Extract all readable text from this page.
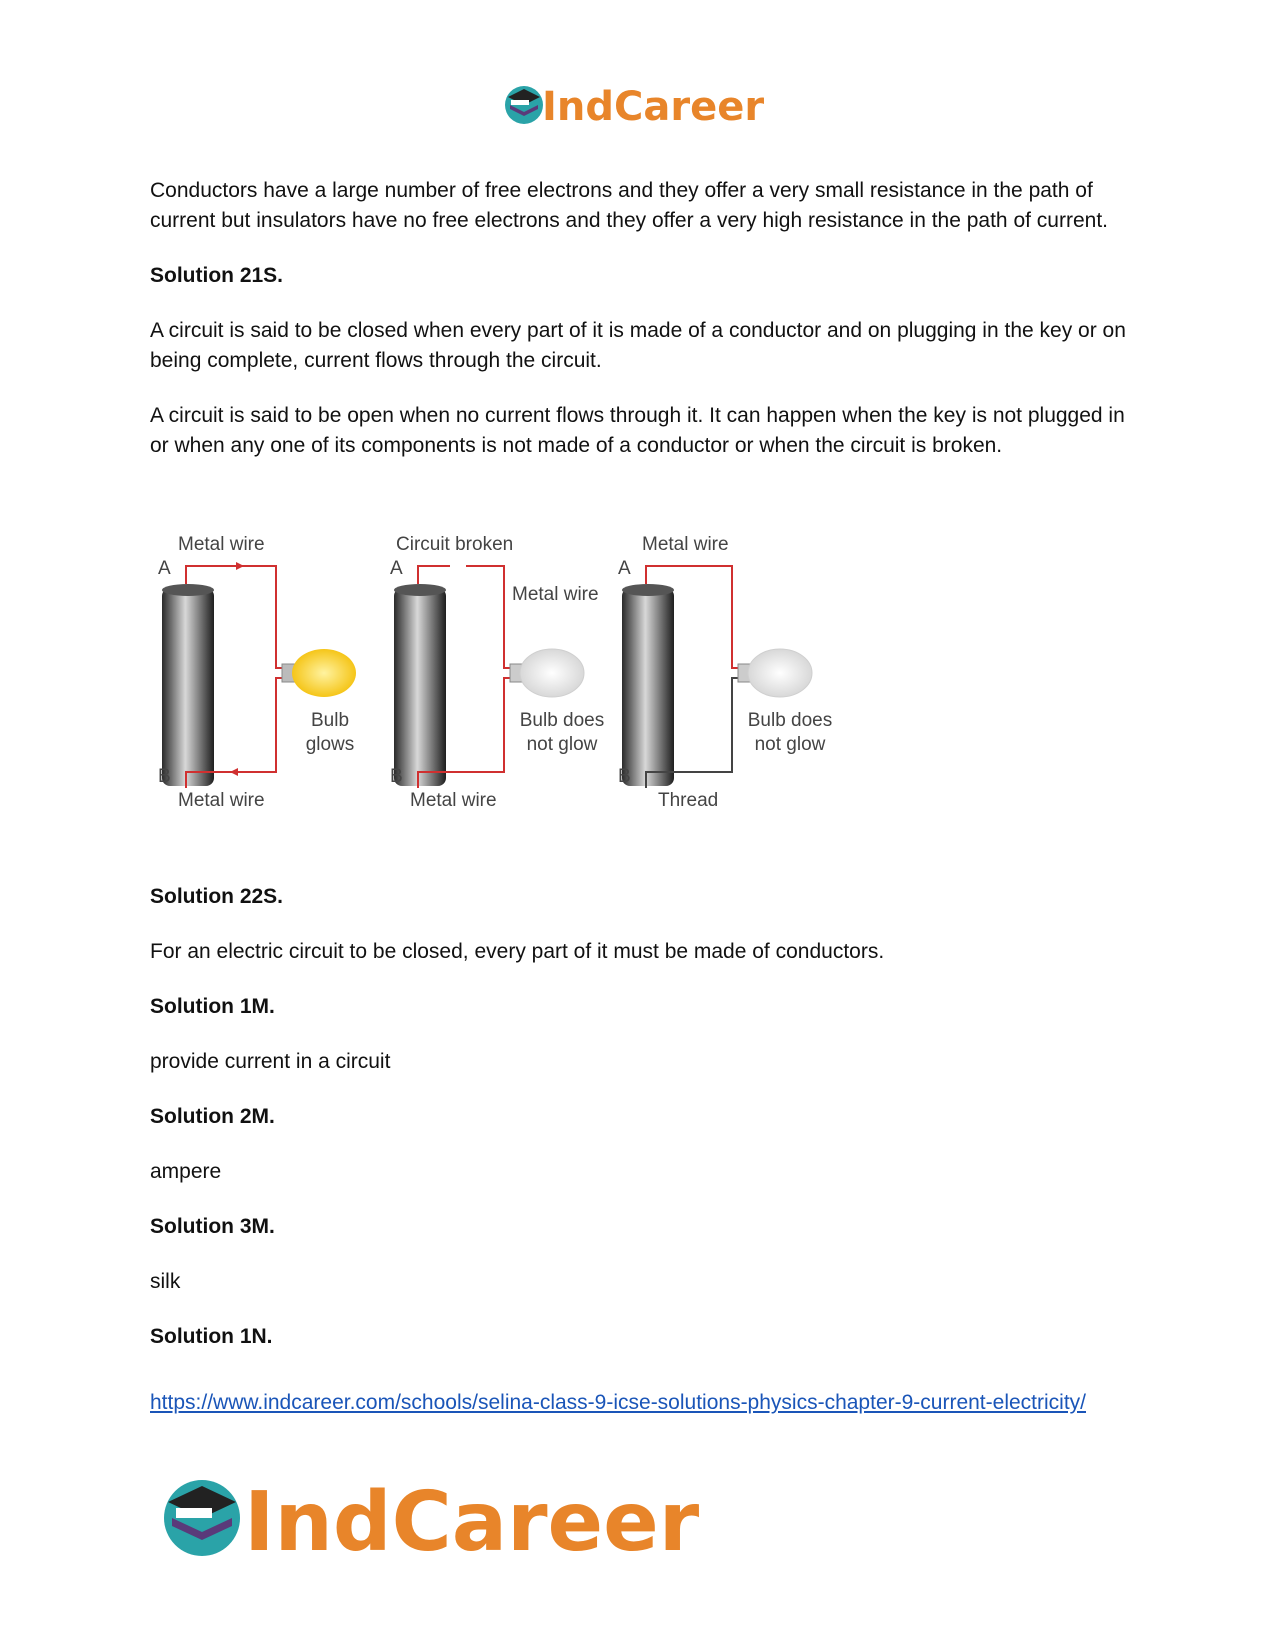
IndCareer

Conductors have a large number of free electrons and they offer a very small resistance in the path of current but insulators have no free electrons and they offer a very high resistance in the path of current.

Solution 21S.

A circuit is said to be closed when every part of it is made of a conductor and on plugging in the key or on being complete, current flows through the circuit.

A circuit is said to be open when no current flows through it. It can happen when the key is not plugged in or when any one of its components is not made of a conductor or when the circuit is broken.

Metal wire
A
B
Metal wire
Bulb
glows
Circuit broken
A
Metal wire
B
Metal wire
Bulb does
not glow
Metal wire
A
B
Thread
Bulb does
not glow

Solution 22S.

For an electric circuit to be closed, every part of it must be made of conductors.

Solution 1M.

provide current in a circuit

Solution 2M.

ampere

Solution 3M.

silk

Solution 1N.

https://www.indcareer.com/schools/selina-class-9-icse-solutions-physics-chapter-9-current-electricity/
IndCareer
